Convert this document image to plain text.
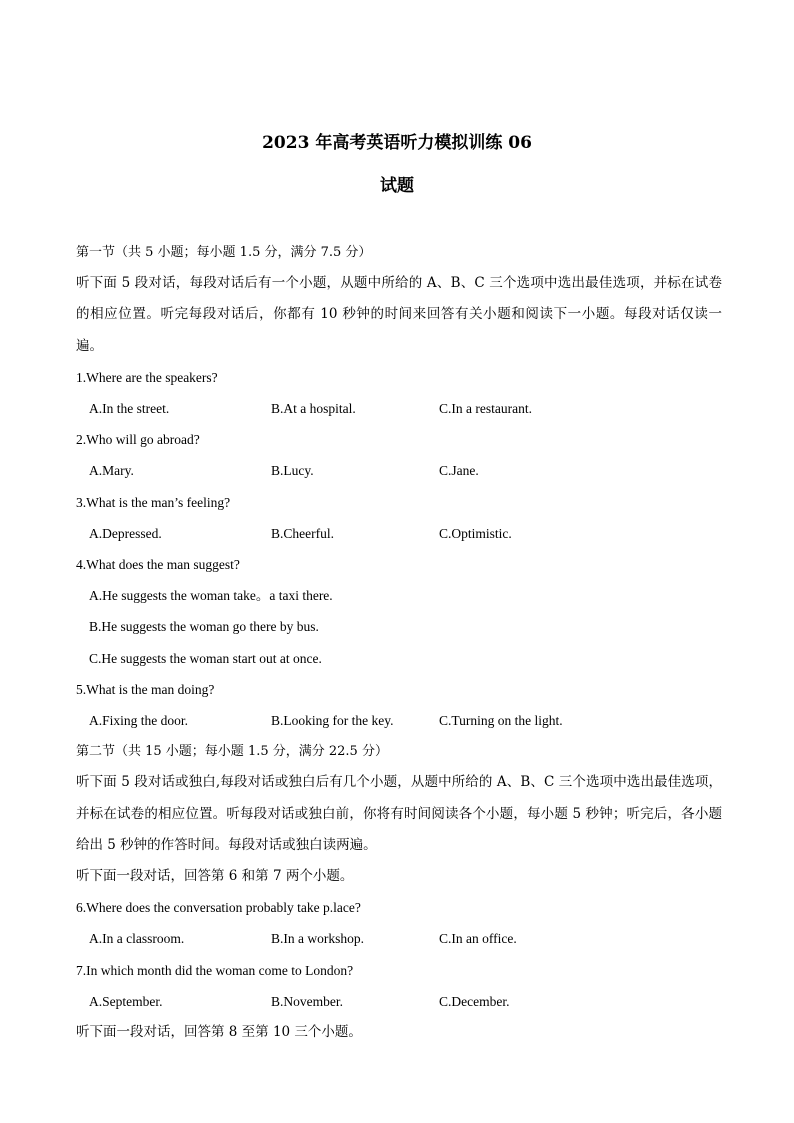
2023 年高考英语听力模拟训练 06
试题
第一节（共 5 小题；每小题 1.5 分，满分 7.5 分）
听下面 5 段对话，每段对话后有一个小题，从题中所给的 A、B、C 三个选项中选出最佳选项，并标在试卷的相应位置。听完每段对话后，你都有 10 秒钟的时间来回答有关小题和阅读下一小题。每段对话仅读一遍。
1.Where are the speakers?
A.In the street.	B.At a hospital.	C.In a restaurant.
2.Who will go abroad?
A.Mary.	B.Lucy.	C.Jane.
3.What is the man’s feeling?
A.Depressed.	B.Cheerful.	C.Optimistic.
4.What does the man suggest?
A.He suggests the woman take。a taxi there.
B.He suggests the woman go there by bus.
C.He suggests the woman start out at once.
5.What is the man doing?
A.Fixing the door.	B.Looking for the key.	C.Turning on the light.
第二节（共 15 小题；每小题 1.5 分，满分 22.5 分）
听下面 5 段对话或独白,每段对话或独白后有几个小题，从题中所给的 A、B、C 三个选项中选出最佳选项，并标在试卷的相应位置。听每段对话或独白前，你将有时间阅读各个小题，每小题 5 秒钟；听完后，各小题给出 5 秒钟的作答时间。每段对话或独白读两遍。
听下面一段对话，回答第 6 和第 7 两个小题。
6.Where does the conversation probably take p.lace?
A.In a classroom.	B.In a workshop.	C.In an office.
7.In which month did the woman come to London?
A.September.	B.November.	C.December.
听下面一段对话，回答第 8 至第 10 三个小题。
